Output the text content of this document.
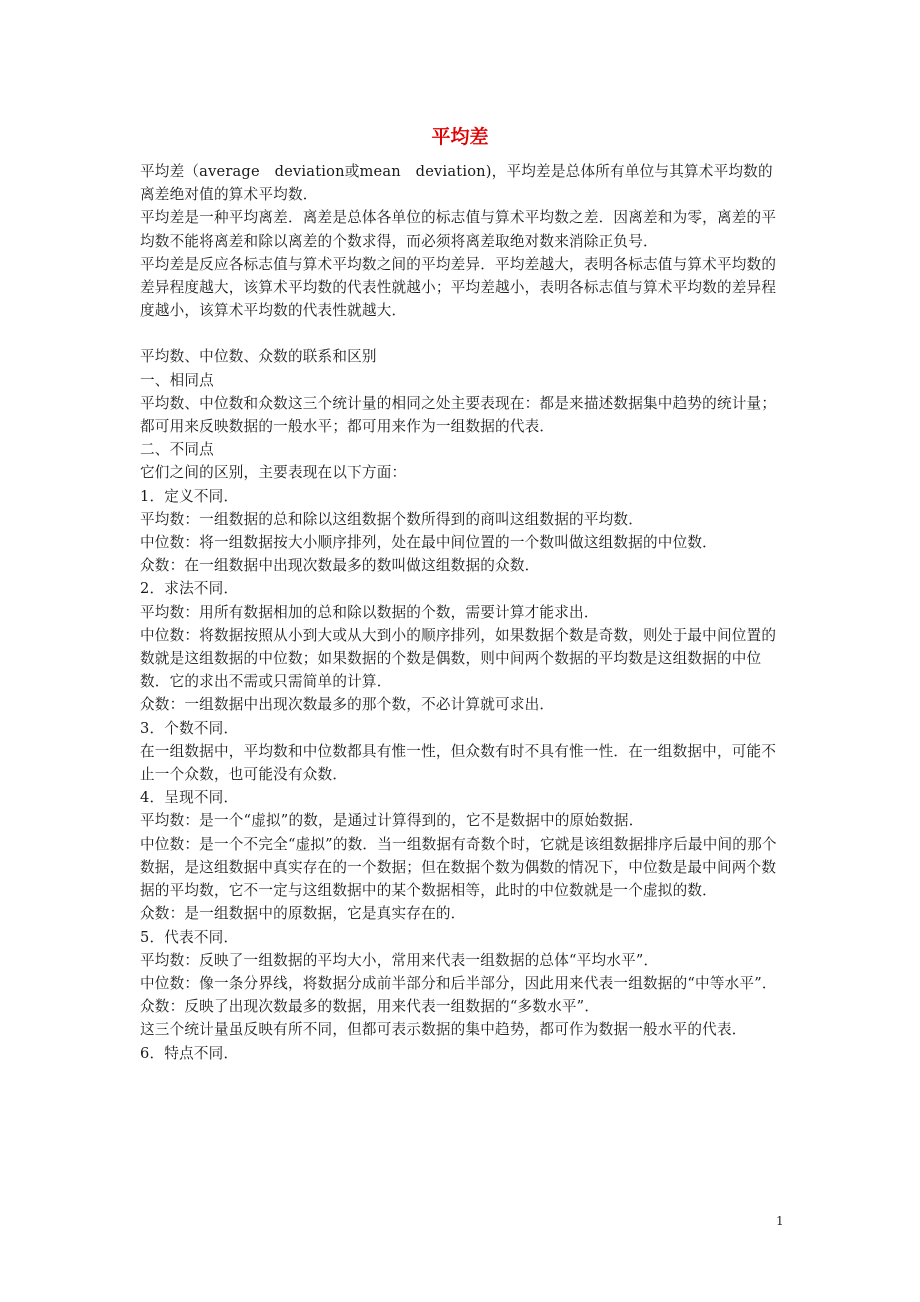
平均差

平均差（average　deviation或mean　deviation)，平均差是总体所有单位与其算术平均数的离差绝对值的算术平均数．

平均差是一种平均离差．离差是总体各单位的标志值与算术平均数之差．因离差和为零，离差的平均数不能将离差和除以离差的个数求得，而必须将离差取绝对数来消除正负号．

平均差是反应各标志值与算术平均数之间的平均差异．平均差越大，表明各标志值与算术平均数的差异程度越大，该算术平均数的代表性就越小；平均差越小，表明各标志值与算术平均数的差异程度越小，该算术平均数的代表性就越大．

平均数、中位数、众数的联系和区别

一、相同点

平均数、中位数和众数这三个统计量的相同之处主要表现在：都是来描述数据集中趋势的统计量；都可用来反映数据的一般水平；都可用来作为一组数据的代表．

二、不同点

它们之间的区别，主要表现在以下方面：

1．定义不同．

平均数：一组数据的总和除以这组数据个数所得到的商叫这组数据的平均数．

中位数：将一组数据按大小顺序排列，处在最中间位置的一个数叫做这组数据的中位数．

众数：在一组数据中出现次数最多的数叫做这组数据的众数．

2．求法不同．

平均数：用所有数据相加的总和除以数据的个数，需要计算才能求出．

中位数：将数据按照从小到大或从大到小的顺序排列，如果数据个数是奇数，则处于最中间位置的数就是这组数据的中位数；如果数据的个数是偶数，则中间两个数据的平均数是这组数据的中位数．它的求出不需或只需简单的计算．

众数：一组数据中出现次数最多的那个数，不必计算就可求出．

3．个数不同．

在一组数据中，平均数和中位数都具有惟一性，但众数有时不具有惟一性．在一组数据中，可能不止一个众数，也可能没有众数．

4．呈现不同．

平均数：是一个“虚拟”的数，是通过计算得到的，它不是数据中的原始数据．

中位数：是一个不完全“虚拟”的数．当一组数据有奇数个时，它就是该组数据排序后最中间的那个数据，是这组数据中真实存在的一个数据；但在数据个数为偶数的情况下，中位数是最中间两个数据的平均数，它不一定与这组数据中的某个数据相等，此时的中位数就是一个虚拟的数．

众数：是一组数据中的原数据，它是真实存在的．

5．代表不同．

平均数：反映了一组数据的平均大小，常用来代表一组数据的总体“平均水平”．

中位数：像一条分界线，将数据分成前半部分和后半部分，因此用来代表一组数据的“中等水平”．

众数：反映了出现次数最多的数据，用来代表一组数据的“多数水平”．

这三个统计量虽反映有所不同，但都可表示数据的集中趋势，都可作为数据一般水平的代表．

6．特点不同．

1
